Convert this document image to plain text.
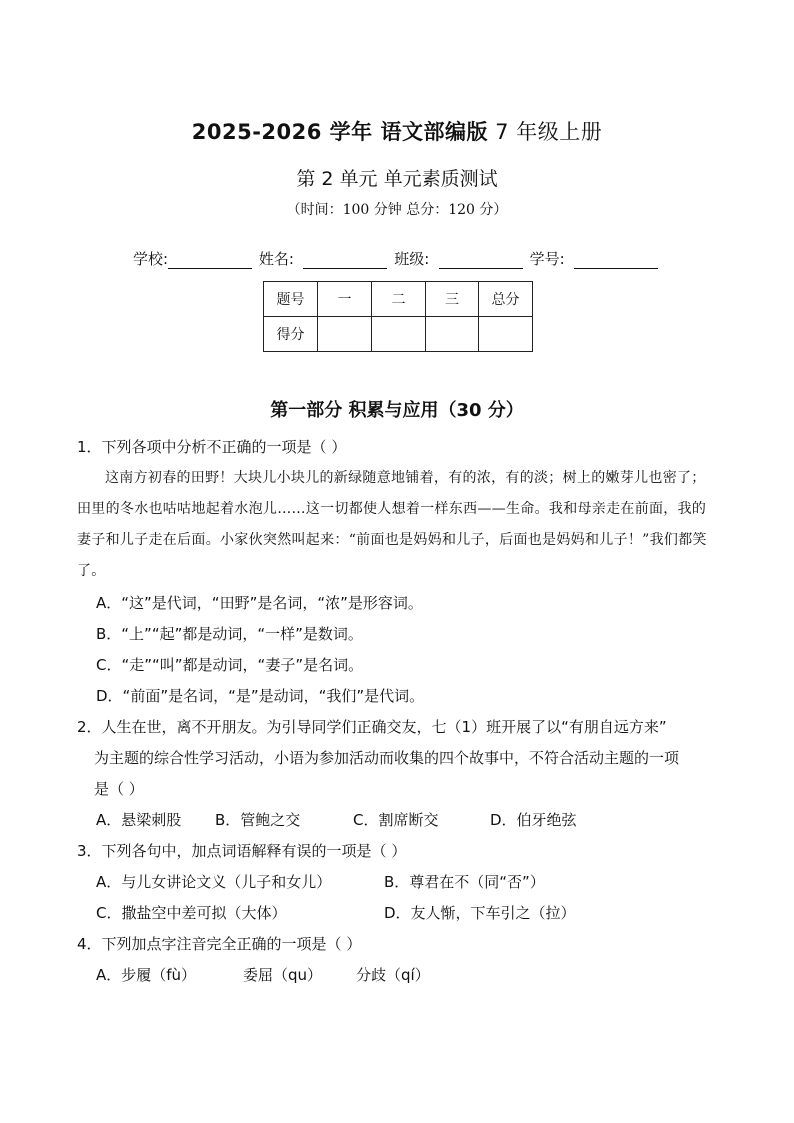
2025-2026 学年 语文部编版 7 年级上册
第 2 单元 单元素质测试
（时间：100 分钟 总分：120 分）
学校:	姓名:	班级:	学号:
题号	一	二	三	总分
得分				
第一部分 积累与应用（30 分）
1．下列各项中分析不正确的一项是（ ）
这南方初春的田野！大块儿小块儿的新绿随意地铺着，有的浓，有的淡；树上的嫩芽儿也密了；田里的冬水也咕咕地起着水泡儿……这一切都使人想着一样东西——生命。我和母亲走在前面，我的妻子和儿子走在后面。小家伙突然叫起来：“前面也是妈妈和儿子，后面也是妈妈和儿子！”我们都笑了。
A．“这”是代词，“田野”是名词，“浓”是形容词。
B．“上”“起”都是动词，“一样”是数词。
C．“走”“叫”都是动词，“妻子”是名词。
D．“前面”是名词，“是”是动词，“我们”是代词。
2．人生在世，离不开朋友。为引导同学们正确交友，七（1）班开展了以“有朋自远方来”
为主题的综合性学习活动，小语为参加活动而收集的四个故事中，不符合活动主题的一项
是（ ）
A．悬梁刺股 B．管鲍之交	C．割席断交	D．伯牙绝弦
3．下列各句中，加点词语解释有误的一项是（ ）
A．与儿女讲论文义（儿子和女儿）	B．尊君在不（同“否”）
C．撒盐空中差可拟（大体）	D．友人惭，下车引之（拉）
4．下列加点字注音完全正确的一项是（ ）
A．步履（fù）	委屈（qu） 分歧（qí）
